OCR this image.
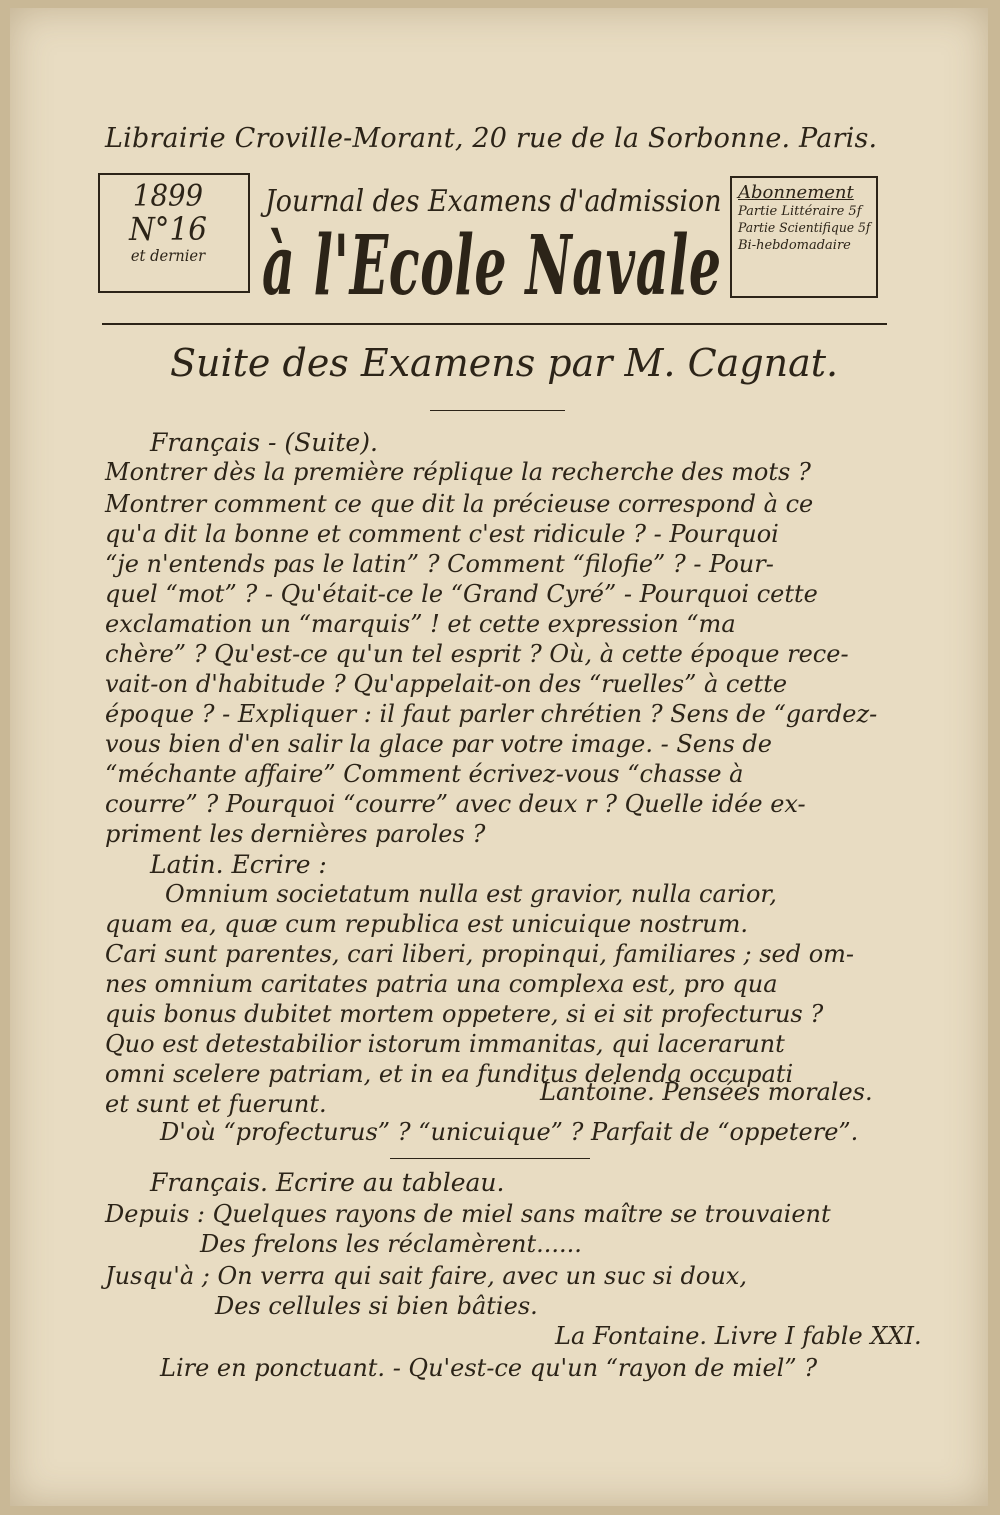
Librairie Croville-Morant, 20 rue de la Sorbonne. Paris.
1899
N°16
et dernier
Journal des Examens d'admission
à l'Ecole Navale
Abonnement
Partie Littéraire 5f
Partie Scientifique 5f
Bi-hebdomadaire
Suite des Examens par M. Cagnat.
Français - (Suite).
Montrer dès la première réplique la recherche des mots ?
Montrer comment ce que dit la précieuse correspond à ce
qu'a dit la bonne et comment c'est ridicule ? - Pourquoi
“je n'entends pas le latin” ? Comment “filofie” ? - Pour-
quel “mot” ? - Qu'était-ce le “Grand Cyré” - Pourquoi cette
exclamation un “marquis” ! et cette expression “ma
chère” ? Qu'est-ce qu'un tel esprit ? Où, à cette époque rece-
vait-on d'habitude ? Qu'appelait-on des “ruelles” à cette
époque ? - Expliquer : il faut parler chrétien ? Sens de “gardez-
vous bien d'en salir la glace par votre image. - Sens de
“méchante affaire” Comment écrivez-vous “chasse à
courre” ? Pourquoi “courre” avec deux r ? Quelle idée ex-
priment les dernières paroles ?
Latin. Ecrire :
Omnium societatum nulla est gravior, nulla carior,
quam ea, quæ cum republica est unicuique nostrum.
Cari sunt parentes, cari liberi, propinqui, familiares ; sed om-
nes omnium caritates patria una complexa est, pro qua
quis bonus dubitet mortem oppetere, si ei sit profecturus ?
Quo est detestabilior istorum immanitas, qui lacerarunt
omni scelere patriam, et in ea funditus delenda occupati
et sunt et fuerunt.	Lantoine. Pensées morales.
D'où “profecturus” ? “unicuique” ? Parfait de “oppetere”.
Français. Ecrire au tableau.
Depuis : Quelques rayons de miel sans maître se trouvaient
Des frelons les réclamèrent......
Jusqu'à ; On verra qui sait faire, avec un suc si doux,
Des cellules si bien bâties.
La Fontaine. Livre I fable XXI.
Lire en ponctuant. - Qu'est-ce qu'un “rayon de miel” ?
